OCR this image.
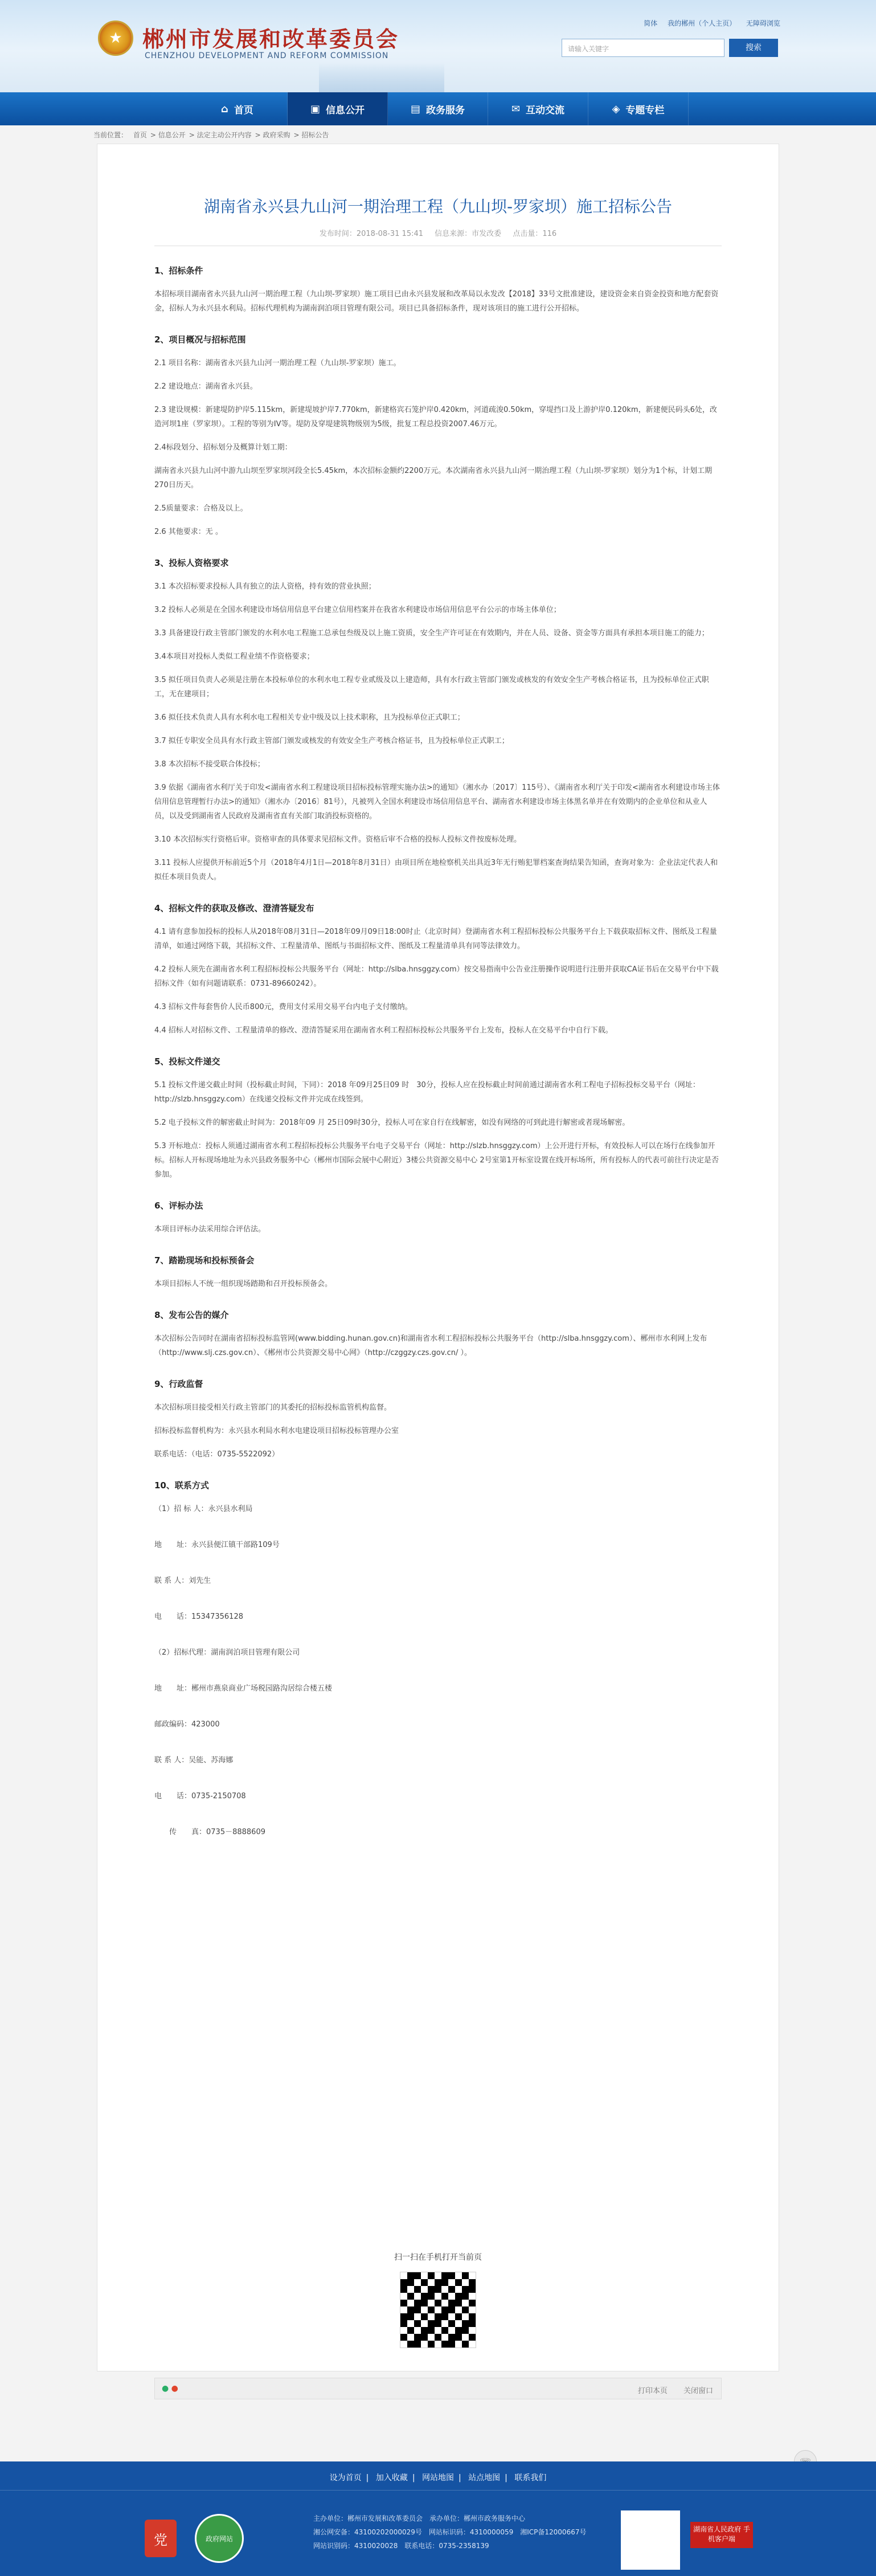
★ 郴州市发展和改革委员会
CHENZHOU DEVELOPMENT AND REFORM COMMISSION
简体 我的郴州（个人主页） 无障碍浏览
请输入关键字	搜索
⌂ 首页	▣ 信息公开	▤ 政务服务	✉ 互动交流	◈ 专题专栏
当前位置： 首页 > 信息公开 > 法定主动公开内容 > 政府采购 > 招标公告
湖南省永兴县九山河一期治理工程（九山坝-罗家坝）施工招标公告
发布时间：2018-08-31 15:41 信息来源：市发改委 点击量：116
1、招标条件
本招标项目湖南省永兴县九山河一期治理工程（九山坝-罗家坝）施工项目已由永兴县发展和改革局以永发改【2018】33号文批准建设，建设资金来自资金投资和地方配套资金，招标人为永兴县水利局。招标代理机构为湖南润泊项目管理有限公司。项目已具备招标条件，现对该项目的施工进行公开招标。
2、项目概况与招标范围
2.1 项目名称：湖南省永兴县九山河一期治理工程（九山坝-罗家坝）施工。
2.2 建设地点：湖南省永兴县。
2.3 建设规模：新建堤防护岸5.115km，新建堤坡护岸7.770km，新建格宾石笼护岸0.420km，河道疏浚0.50km，穿堤挡口及上游护岸0.120km，新建便民码头6处，改造河坝1座（罗家坝）。工程的等别为IV等。堤防及穿堤建筑物级别为5级，批复工程总投资2007.46万元。
2.4标段划分、招标划分及概算计划工期：
湖南省永兴县九山河中游九山坝至罗家坝河段全长5.45km，本次招标金额约2200万元。本次湖南省永兴县九山河一期治理工程（九山坝-罗家坝）划分为1个标，计划工期270日历天。
2.5质量要求：合格及以上。
2.6 其他要求：无 。
3、投标人资格要求
3.1 本次招标要求投标人具有独立的法人资格，持有效的营业执照；
3.2 投标人必须是在全国水利建设市场信用信息平台建立信用档案并在我省水利建设市场信用信息平台公示的市场主体单位；
3.3 具备建设行政主管部门颁发的水利水电工程施工总承包叁级及以上施工资质，安全生产许可证在有效期内，并在人员、设备、资金等方面具有承担本项目施工的能力；
3.4本项目对投标人类似工程业绩不作资格要求；
3.5 拟任项目负责人必须是注册在本投标单位的水利水电工程专业贰级及以上建造师，具有水行政主管部门颁发或核发的有效安全生产考核合格证书，且为投标单位正式职工，无在建项目；
3.6 拟任技术负责人具有水利水电工程相关专业中级及以上技术职称，且为投标单位正式职工；
3.7 拟任专职安全员具有水行政主管部门颁发或核发的有效安全生产考核合格证书，且为投标单位正式职工；
3.8 本次招标不接受联合体投标；
3.9 依据《湖南省水利厅关于印发<湖南省水利工程建设项目招标投标管理实施办法>的通知》（湘水办〔2017〕115号）、《湖南省水利厅关于印发<湖南省水利建设市场主体信用信息管理暂行办法>的通知》（湘水办〔2016〕81号），凡被列入全国水利建设市场信用信息平台、湖南省水利建设市场主体黑名单并在有效期内的企业单位和从业人员，以及受到湖南省人民政府及湖南省直有关部门取消投标资格的。
3.10 本次招标实行资格后审。资格审查的具体要求见招标文件。资格后审不合格的投标人投标文件按废标处理。
3.11 投标人应提供开标前近5个月（2018年4月1日—2018年8月31日）由项目所在地检察机关出具近3年无行贿犯罪档案查询结果告知函，查询对象为：企业法定代表人和拟任本项目负责人。
4、招标文件的获取及修改、澄清答疑发布
4.1 请有意参加投标的投标人从2018年08月31日—2018年09月09日18:00时止（北京时间）登湖南省水利工程招标投标公共服务平台上下载获取招标文件、图纸及工程量清单，如通过网络下载，其招标文件、工程量清单、图纸与书面招标文件、图纸及工程量清单具有同等法律效力。
4.2 投标人须先在湖南省水利工程招标投标公共服务平台（网址：http://slba.hnsggzy.com）按交易指南中公告业注册操作说明进行注册并获取CA证书后在交易平台中下载招标文件（如有问题请联系：0731-89660242）。
4.3 招标文件每套售价人民币800元，费用支付采用交易平台内电子支付缴纳。
4.4 招标人对招标文件、工程量清单的修改、澄清答疑采用在湖南省水利工程招标投标公共服务平台上发布，投标人在交易平台中自行下载。
5、投标文件递交
5.1 投标文件递交截止时间（投标截止时间，下同）：2018 年09月25日09 时　30分，投标人应在投标截止时间前通过湖南省水利工程电子招标投标交易平台（网址：http://slzb.hnsggzy.com）在线递交投标文件并完成在线签到。
5.2 电子投标文件的解密截止时间为：2018年09 月 25日09时30分，投标人可在家自行在线解密，如没有网络的可到此进行解密或者现场解密。
5.3 开标地点：投标人须通过湖南省水利工程招标投标公共服务平台电子交易平台（网址：http://slzb.hnsggzy.com）上公开进行开标，有效投标人可以在场行在线参加开标。招标人开标现场地址为永兴县政务服务中心（郴州市国际会展中心附近）3楼公共资源交易中心 2号室第1开标室设置在线开标场所，所有投标人的代表可前往行决定是否参加。
6、评标办法
本项目评标办法采用综合评估法。
7、踏勘现场和投标预备会
本项目招标人不统一组织现场踏勘和召开投标预备会。
8、发布公告的媒介
本次招标公告同时在湖南省招标投标监管网(www.bidding.hunan.gov.cn)和湖南省水利工程招标投标公共服务平台（http://slba.hnsggzy.com）、郴州市水利网上发布（http://www.slj.czs.gov.cn）、《郴州市公共资源交易中心网》（http://czggzy.czs.gov.cn/ ）。
9、行政监督
本次招标项目接受相关行政主管部门的其委托的招标投标监管机构监督。
招标投标监督机构为：永兴县水利局水利水电建设项目招标投标管理办公室
联系电话：（电话：0735-5522092）
10、联系方式
（1）招 标 人：永兴县水利局
地　　址：永兴县便江镇干部路109号
联 系 人：刘先生
电　　话：15347356128
（2）招标代理：湖南润泊项目管理有限公司
地　　址：郴州市燕泉商业广场税园路沟居综合楼五楼
邮政编码：423000
联 系 人：吴能、苏海娜
电　　话：0735-2150708
　　传　　真：0735－8888609
扫一扫在手机打开当前页
● ●	打印本页 关闭窗口
设为首页 | 加入收藏 | 网站地图 | 站点地图 | 联系我们
党	政府网站
主办单位：郴州市发展和改革委员会　承办单位：郴州市政务服务中心
湘公网安备：43100202000029号　网站标识码：4310000059　湘ICP备12000667号
网站识别码：4310020028　联系电话：0735-2358139
湖南省人民政府 手机客户端
